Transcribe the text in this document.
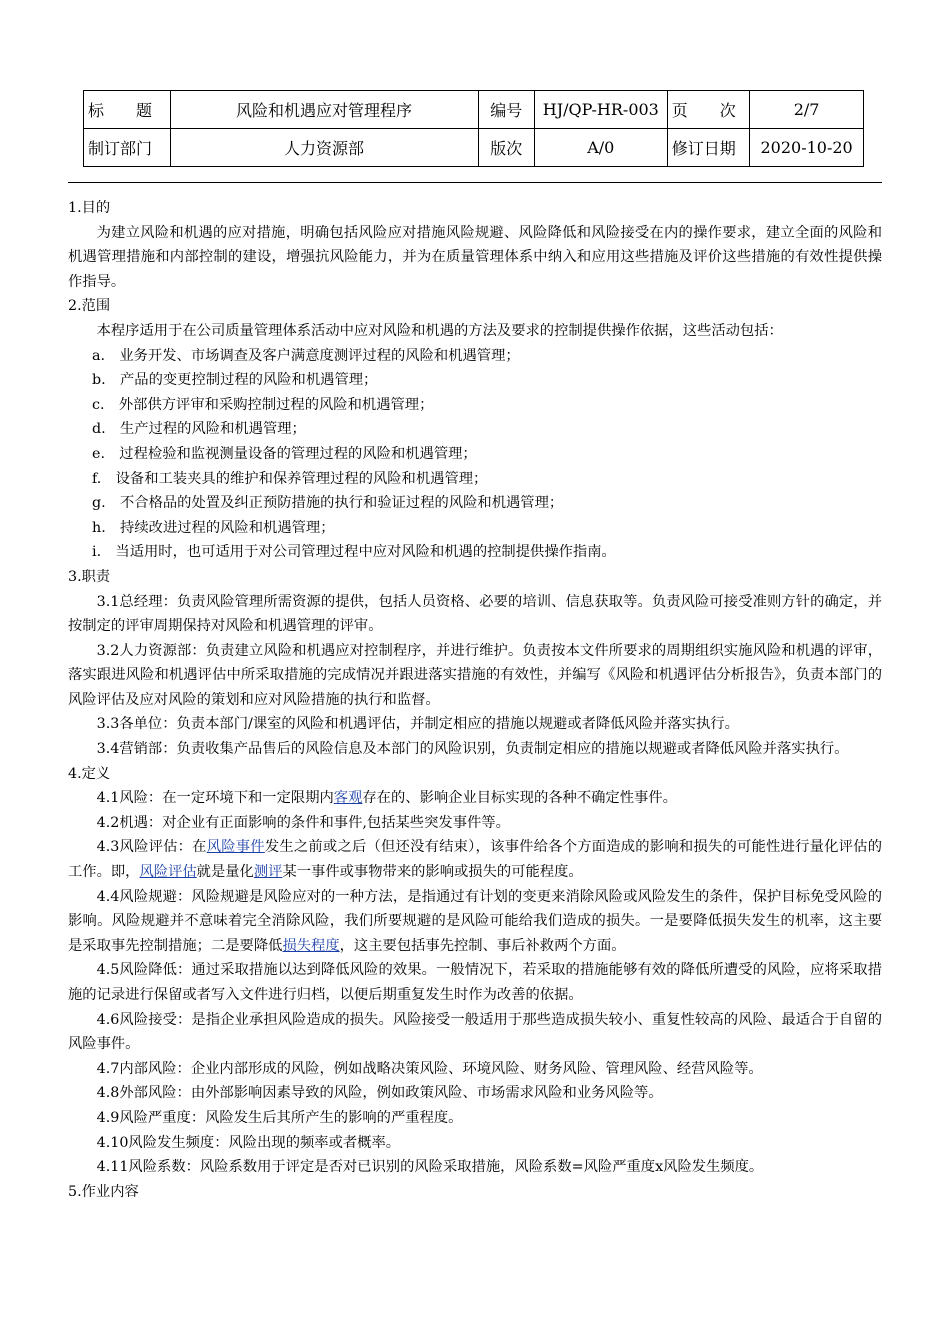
标　　题	风险和机遇应对管理程序	编号	HJ/QP-HR-003	页　　次	2/7
制订部门	人力资源部	版次	A/0	修订日期	2020-10-20

1.目的

为建立风险和机遇的应对措施，明确包括风险应对措施风险规避、风险降低和风险接受在内的操作要求，建立全面的风险和机遇管理措施和内部控制的建设，增强抗风险能力，并为在质量管理体系中纳入和应用这些措施及评价这些措施的有效性提供操作指导。

2.范围

本程序适用于在公司质量管理体系活动中应对风险和机遇的方法及要求的控制提供操作依据，这些活动包括：

a.　业务开发、市场调查及客户满意度测评过程的风险和机遇管理；

b.　产品的变更控制过程的风险和机遇管理；

c.　外部供方评审和采购控制过程的风险和机遇管理；

d.　生产过程的风险和机遇管理；

e.　过程检验和监视测量设备的管理过程的风险和机遇管理；

f.　设备和工装夹具的维护和保养管理过程的风险和机遇管理；

g.　不合格品的处置及纠正预防措施的执行和验证过程的风险和机遇管理；

h.　持续改进过程的风险和机遇管理；

i.　当适用时，也可适用于对公司管理过程中应对风险和机遇的控制提供操作指南。

3.职责

3.1总经理：负责风险管理所需资源的提供，包括人员资格、必要的培训、信息获取等。负责风险可接受准则方针的确定，并按制定的评审周期保持对风险和机遇管理的评审。

3.2人力资源部：负责建立风险和机遇应对控制程序，并进行维护。负责按本文件所要求的周期组织实施风险和机遇的评审，落实跟进风险和机遇评估中所采取措施的完成情况并跟进落实措施的有效性，并编写《风险和机遇评估分析报告》，负责本部门的风险评估及应对风险的策划和应对风险措施的执行和监督。

3.3各单位：负责本部门/课室的风险和机遇评估，并制定相应的措施以规避或者降低风险并落实执行。

3.4营销部：负责收集产品售后的风险信息及本部门的风险识别，负责制定相应的措施以规避或者降低风险并落实执行。

4.定义

4.1风险：在一定环境下和一定限期内客观存在的、影响企业目标实现的各种不确定性事件。

4.2机遇：对企业有正面影响的条件和事件,包括某些突发事件等。

4.3风险评估：在风险事件发生之前或之后（但还没有结束），该事件给各个方面造成的影响和损失的可能性进行量化评估的工作。即，风险评估就是量化测评某一事件或事物带来的影响或损失的可能程度。

4.4风险规避：风险规避是风险应对的一种方法，是指通过有计划的变更来消除风险或风险发生的条件，保护目标免受风险的影响。风险规避并不意味着完全消除风险，我们所要规避的是风险可能给我们造成的损失。一是要降低损失发生的机率，这主要是采取事先控制措施；二是要降低损失程度，这主要包括事先控制、事后补救两个方面。

4.5风险降低：通过采取措施以达到降低风险的效果。一般情况下，若采取的措施能够有效的降低所遭受的风险，应将采取措施的记录进行保留或者写入文件进行归档，以便后期重复发生时作为改善的依据。

4.6风险接受：是指企业承担风险造成的损失。风险接受一般适用于那些造成损失较小、重复性较高的风险、最适合于自留的风险事件。

4.7内部风险：企业内部形成的风险，例如战略决策风险、环境风险、财务风险、管理风险、经营风险等。

4.8外部风险：由外部影响因素导致的风险，例如政策风险、市场需求风险和业务风险等。

4.9风险严重度：风险发生后其所产生的影响的严重程度。

4.10风险发生频度：风险出现的频率或者概率。

4.11风险系数：风险系数用于评定是否对已识别的风险采取措施，风险系数=风险严重度x风险发生频度。

5.作业内容
